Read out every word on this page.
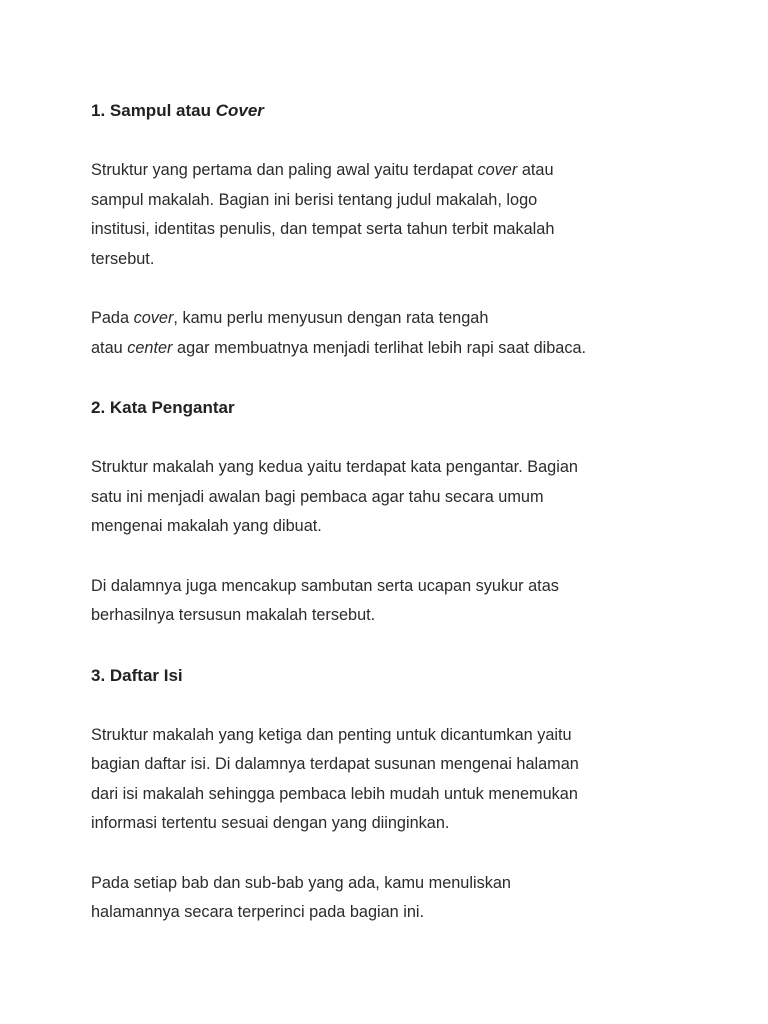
1. Sampul atau Cover

Struktur yang pertama dan paling awal yaitu terdapat cover atau
sampul makalah. Bagian ini berisi tentang judul makalah, logo
institusi, identitas penulis, dan tempat serta tahun terbit makalah
tersebut.

Pada cover, kamu perlu menyusun dengan rata tengah
atau center agar membuatnya menjadi terlihat lebih rapi saat dibaca.

2. Kata Pengantar

Struktur makalah yang kedua yaitu terdapat kata pengantar. Bagian
satu ini menjadi awalan bagi pembaca agar tahu secara umum
mengenai makalah yang dibuat.

Di dalamnya juga mencakup sambutan serta ucapan syukur atas
berhasilnya tersusun makalah tersebut.

3. Daftar Isi

Struktur makalah yang ketiga dan penting untuk dicantumkan yaitu
bagian daftar isi. Di dalamnya terdapat susunan mengenai halaman
dari isi makalah sehingga pembaca lebih mudah untuk menemukan
informasi tertentu sesuai dengan yang diinginkan.

Pada setiap bab dan sub-bab yang ada, kamu menuliskan
halamannya secara terperinci pada bagian ini.
